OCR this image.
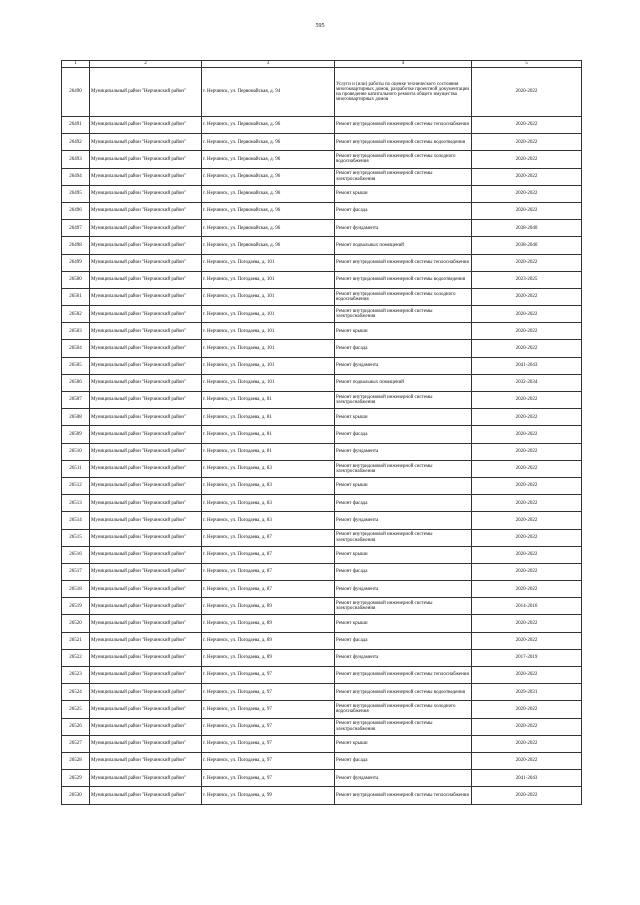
595
1	2	3	4	5
26490	Муниципальный район "Нерчинский район"	г. Нерчинск, ул. Первомайская, д. 94	Услуги и (или) работы по оценке технического состояния многоквартирных домов, разработке проектной документации на проведение капитального ремонта общего имущества многоквартирных домов	2020-2022
26491	Муниципальный район "Нерчинский район"	г. Нерчинск, ул. Первомайская, д. 96	Ремонт внутридомовой инженерной системы теплоснабжения	2020-2022
26492	Муниципальный район "Нерчинский район"	г. Нерчинск, ул. Первомайская, д. 96	Ремонт внутридомовой инженерной системы водоотведения	2020-2022
26493	Муниципальный район "Нерчинский район"	г. Нерчинск, ул. Первомайская, д. 96	Ремонт внутридомовой инженерной системы холодного водоснабжения	2020-2022
26494	Муниципальный район "Нерчинский район"	г. Нерчинск, ул. Первомайская, д. 96	Ремонт внутридомовой инженерной системы электроснабжения	2020-2022
26495	Муниципальный район "Нерчинский район"	г. Нерчинск, ул. Первомайская, д. 96	Ремонт крыши	2020-2022
26496	Муниципальный район "Нерчинский район"	г. Нерчинск, ул. Первомайская, д. 96	Ремонт фасада	2020-2022
26497	Муниципальный район "Нерчинский район"	г. Нерчинск, ул. Первомайская, д. 96	Ремонт фундамента	2038-2040
26498	Муниципальный район "Нерчинский район"	г. Нерчинск, ул. Первомайская, д. 96	Ремонт подвальных помещений	2038-2040
26499	Муниципальный район "Нерчинский район"	г. Нерчинск, ул. Погодаева, д. 101	Ремонт внутридомовой инженерной системы теплоснабжения	2020-2022
26500	Муниципальный район "Нерчинский район"	г. Нерчинск, ул. Погодаева, д. 101	Ремонт внутридомовой инженерной системы водоотведения	2023-2025
26501	Муниципальный район "Нерчинский район"	г. Нерчинск, ул. Погодаева, д. 101	Ремонт внутридомовой инженерной системы холодного водоснабжения	2020-2022
26502	Муниципальный район "Нерчинский район"	г. Нерчинск, ул. Погодаева, д. 101	Ремонт внутридомовой инженерной системы электроснабжения	2020-2022
26503	Муниципальный район "Нерчинский район"	г. Нерчинск, ул. Погодаева, д. 101	Ремонт крыши	2020-2022
26504	Муниципальный район "Нерчинский район"	г. Нерчинск, ул. Погодаева, д. 101	Ремонт фасада	2020-2022
26505	Муниципальный район "Нерчинский район"	г. Нерчинск, ул. Погодаева, д. 101	Ремонт фундамента	2041-2043
26506	Муниципальный район "Нерчинский район"	г. Нерчинск, ул. Погодаева, д. 101	Ремонт подвальных помещений	2032-2034
26507	Муниципальный район "Нерчинский район"	г. Нерчинск, ул. Погодаева, д. 81	Ремонт внутридомовой инженерной системы электроснабжения	2020-2022
26508	Муниципальный район "Нерчинский район"	г. Нерчинск, ул. Погодаева, д. 81	Ремонт крыши	2020-2022
26509	Муниципальный район "Нерчинский район"	г. Нерчинск, ул. Погодаева, д. 81	Ремонт фасада	2020-2022
26510	Муниципальный район "Нерчинский район"	г. Нерчинск, ул. Погодаева, д. 81	Ремонт фундамента	2020-2022
26511	Муниципальный район "Нерчинский район"	г. Нерчинск, ул. Погодаева, д. 83	Ремонт внутридомовой инженерной системы электроснабжения	2020-2022
26512	Муниципальный район "Нерчинский район"	г. Нерчинск, ул. Погодаева, д. 83	Ремонт крыши	2020-2022
26513	Муниципальный район "Нерчинский район"	г. Нерчинск, ул. Погодаева, д. 83	Ремонт фасада	2020-2022
26514	Муниципальный район "Нерчинский район"	г. Нерчинск, ул. Погодаева, д. 83	Ремонт фундамента	2020-2022
26515	Муниципальный район "Нерчинский район"	г. Нерчинск, ул. Погодаева, д. 87	Ремонт внутридомовой инженерной системы электроснабжения	2020-2022
26516	Муниципальный район "Нерчинский район"	г. Нерчинск, ул. Погодаева, д. 87	Ремонт крыши	2020-2022
26517	Муниципальный район "Нерчинский район"	г. Нерчинск, ул. Погодаева, д. 87	Ремонт фасада	2020-2022
26518	Муниципальный район "Нерчинский район"	г. Нерчинск, ул. Погодаева, д. 87	Ремонт фундамента	2020-2022
26519	Муниципальный район "Нерчинский район"	г. Нерчинск, ул. Погодаева, д. 89	Ремонт внутридомовой инженерной системы электроснабжения	2014-2016
26520	Муниципальный район "Нерчинский район"	г. Нерчинск, ул. Погодаева, д. 89	Ремонт крыши	2020-2022
26521	Муниципальный район "Нерчинский район"	г. Нерчинск, ул. Погодаева, д. 89	Ремонт фасада	2020-2022
26522	Муниципальный район "Нерчинский район"	г. Нерчинск, ул. Погодаева, д. 89	Ремонт фундамента	2017-2019
26523	Муниципальный район "Нерчинский район"	г. Нерчинск, ул. Погодаева, д. 97	Ремонт внутридомовой инженерной системы теплоснабжения	2020-2022
26524	Муниципальный район "Нерчинский район"	г. Нерчинск, ул. Погодаева, д. 97	Ремонт внутридомовой инженерной системы водоотведения	2029-2031
26525	Муниципальный район "Нерчинский район"	г. Нерчинск, ул. Погодаева, д. 97	Ремонт внутридомовой инженерной системы холодного водоснабжения	2020-2022
26526	Муниципальный район "Нерчинский район"	г. Нерчинск, ул. Погодаева, д. 97	Ремонт внутридомовой инженерной системы электроснабжения	2020-2022
26527	Муниципальный район "Нерчинский район"	г. Нерчинск, ул. Погодаева, д. 97	Ремонт крыши	2020-2022
26528	Муниципальный район "Нерчинский район"	г. Нерчинск, ул. Погодаева, д. 97	Ремонт фасада	2020-2022
26529	Муниципальный район "Нерчинский район"	г. Нерчинск, ул. Погодаева, д. 97	Ремонт фундамента	2041-2043
26530	Муниципальный район "Нерчинский район"	г. Нерчинск, ул. Погодаева, д. 99	Ремонт внутридомовой инженерной системы теплоснабжения	2020-2022
